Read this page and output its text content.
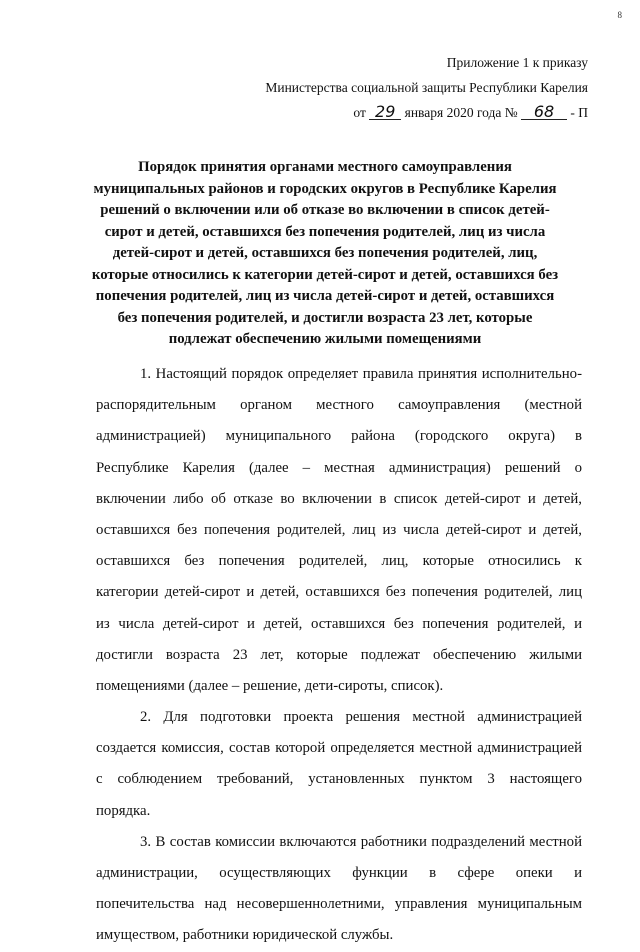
8
Приложение 1 к приказу
Министерства социальной защиты Республики Карелия
от 29 января 2020 года № 68 - П
Порядок принятия органами местного самоуправления
муниципальных районов и городских округов в Республике Карелия
решений о включении или об отказе во включении в список детей-
сирот и детей, оставшихся без попечения родителей, лиц из числа
детей-сирот и детей, оставшихся без попечения родителей, лиц,
которые относились к категории детей-сирот и детей, оставшихся без
попечения родителей, лиц из числа детей-сирот и детей, оставшихся
без попечения родителей, и достигли возраста 23 лет, которые
подлежат обеспечению жилыми помещениями
1. Настоящий порядок определяет правила принятия исполнительно-
распорядительным органом местного самоуправления (местной
администрацией) муниципального района (городского округа) в
Республике Карелия (далее – местная администрация) решений о
включении либо об отказе во включении в список детей-сирот и детей,
оставшихся без попечения родителей, лиц из числа детей-сирот и детей,
оставшихся без попечения родителей, лиц, которые относились к
категории детей-сирот и детей, оставшихся без попечения родителей, лиц
из числа детей-сирот и детей, оставшихся без попечения родителей, и
достигли возраста 23 лет, которые подлежат обеспечению жилыми
помещениями (далее – решение, дети-сироты, список).
2. Для подготовки проекта решения местной администрацией
создается комиссия, состав которой определяется местной администрацией
с соблюдением требований, установленных пунктом 3 настоящего
порядка.
3. В состав комиссии включаются работники подразделений местной
администрации, осуществляющих функции в сфере опеки и
попечительства над несовершеннолетними, управления муниципальным
имуществом, работники юридической службы.
